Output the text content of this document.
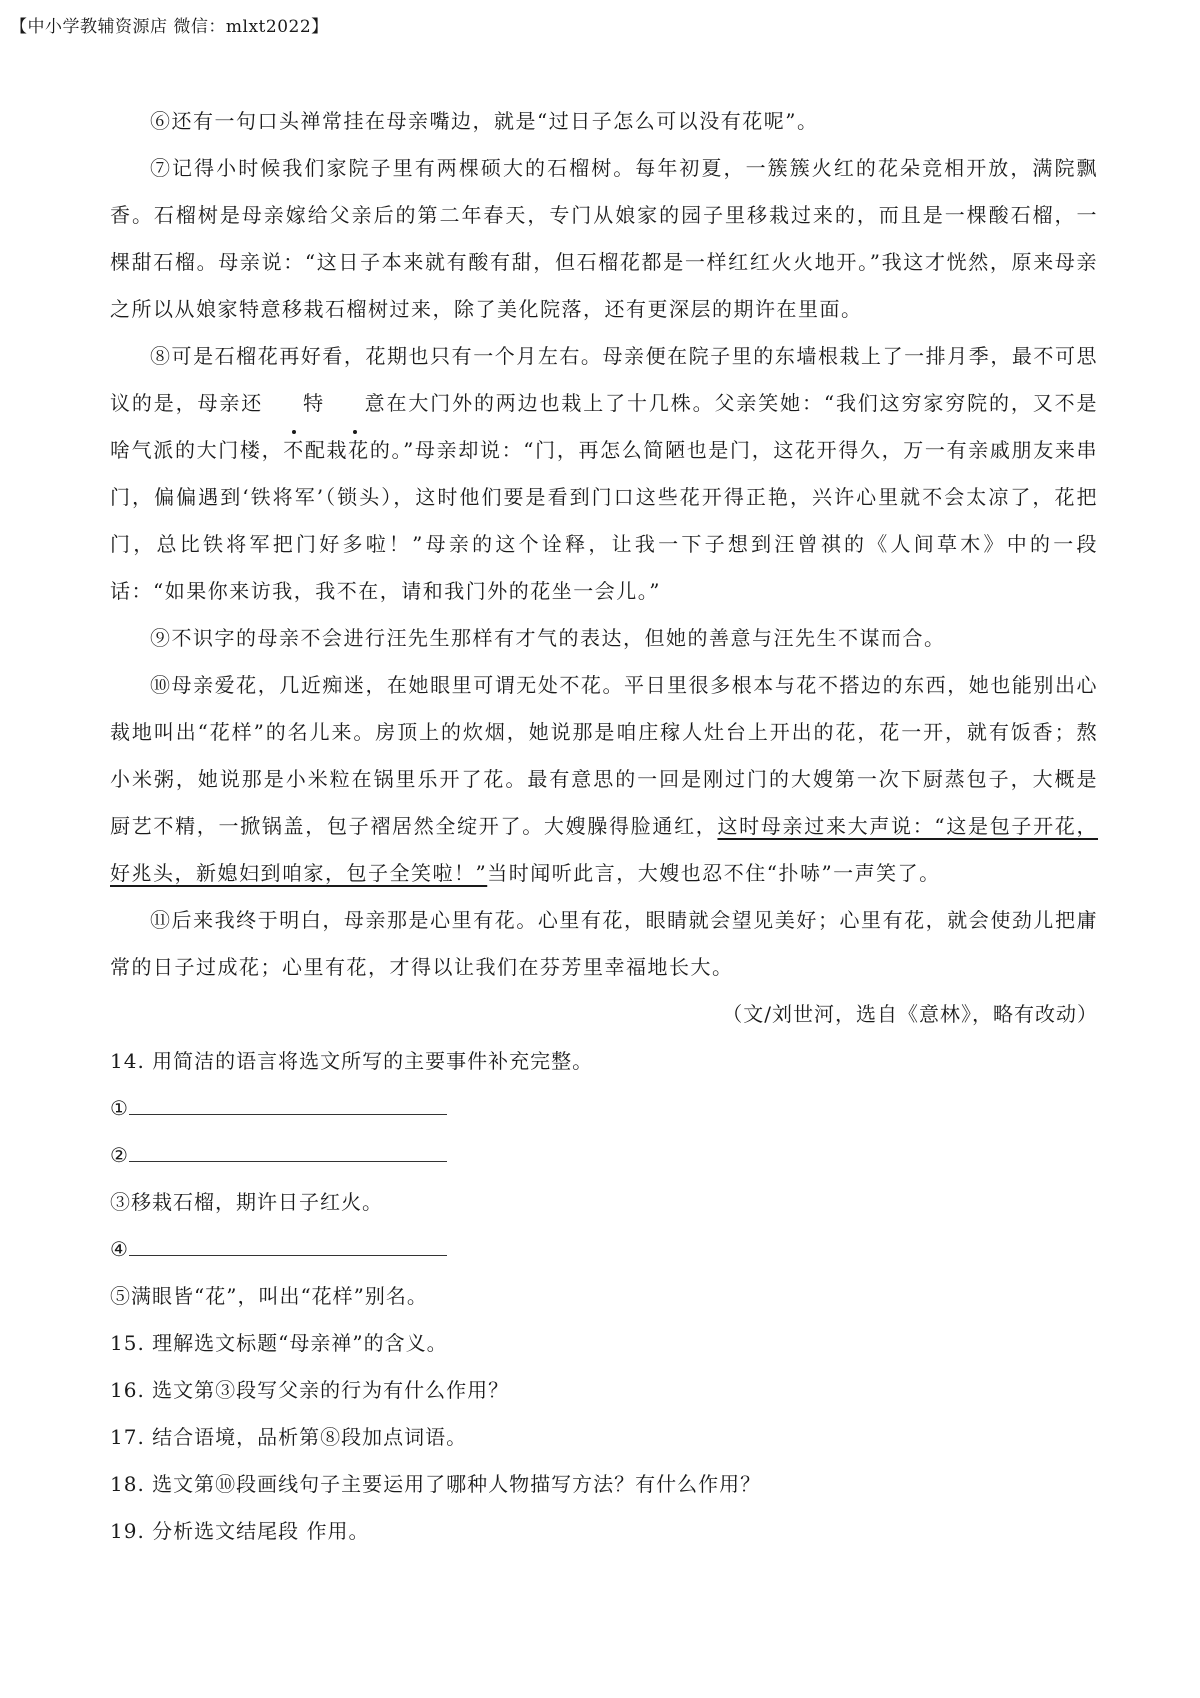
【中小学教辅资源店 微信：mlxt2022】

⑥还有一句口头禅常挂在母亲嘴边，就是“过日子怎么可以没有花呢”。

⑦记得小时候我们家院子里有两棵硕大的石榴树。每年初夏，一簇簇火红的花朵竞相开放，满院飘香。石榴树是母亲嫁给父亲后的第二年春天，专门从娘家的园子里移栽过来的，而且是一棵酸石榴，一棵甜石榴。母亲说：“这日子本来就有酸有甜，但石榴花都是一样红红火火地开。”我这才恍然，原来母亲之所以从娘家特意移栽石榴树过来，除了美化院落，还有更深层的期许在里面。

⑧可是石榴花再好看，花期也只有一个月左右。母亲便在院子里的东墙根栽上了一排月季，最不可思议的是，母亲还 特 意在大门外的两边也栽上了十几株。父亲笑她：“我们这穷家穷院的，又不是啥气派的大门楼，不配栽花的。”母亲却说：“门，再怎么简陋也是门，这花开得久，万一有亲戚朋友来串门，偏偏遇到‘铁将军’（锁头），这时他们要是看到门口这些花开得正艳，兴许心里就不会太凉了，花把门，总比铁将军把门好多啦！”母亲的这个诠释，让我一下子想到汪曾祺的《人间草木》中的一段话：“如果你来访我，我不在，请和我门外的花坐一会儿。”

⑨不识字的母亲不会进行汪先生那样有才气的表达，但她的善意与汪先生不谋而合。

⑩母亲爱花，几近痴迷，在她眼里可谓无处不花。平日里很多根本与花不搭边的东西，她也能别出心裁地叫出“花样”的名儿来。房顶上的炊烟，她说那是咱庄稼人灶台上开出的花，花一开，就有饭香；熬小米粥，她说那是小米粒在锅里乐开了花。最有意思的一回是刚过门的大嫂第一次下厨蒸包子，大概是厨艺不精，一掀锅盖，包子褶居然全绽开了。大嫂臊得脸通红，这时母亲过来大声说：“这是包子开花，好兆头，新媳妇到咱家，包子全笑啦！”当时闻听此言，大嫂也忍不住“扑哧”一声笑了。

⑪后来我终于明白，母亲那是心里有花。心里有花，眼睛就会望见美好；心里有花，就会使劲儿把庸常的日子过成花；心里有花，才得以让我们在芬芳里幸福地长大。

（文/刘世河，选自《意林》，略有改动）

14. 用简洁的语言将选文所写的主要事件补充完整。

①

②

③移栽石榴，期许日子红火。

④

⑤满眼皆“花”，叫出“花样”别名。

15. 理解选文标题“母亲禅”的含义。

16. 选文第③段写父亲的行为有什么作用？

17. 结合语境，品析第⑧段加点词语。

18. 选文第⑩段画线句子主要运用了哪种人物描写方法？有什么作用？

19. 分析选文结尾段 作用。
